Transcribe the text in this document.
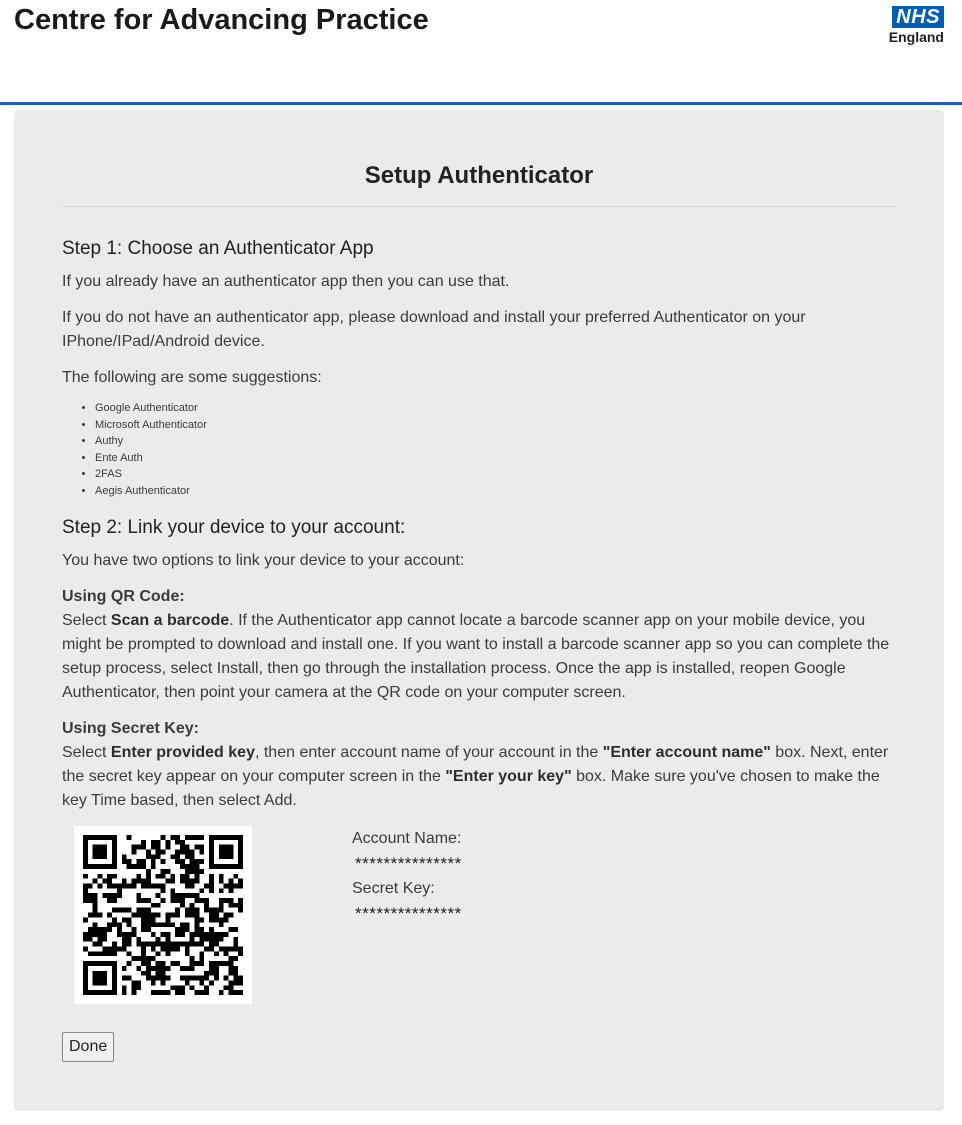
Centre for Advancing Practice	NHS
England
Setup Authenticator
Step 1: Choose an Authenticator App

If you already have an authenticator app then you can use that.

If you do not have an authenticator app, please download and install your preferred Authenticator on your IPhone/IPad/Android device.

The following are some suggestions:

• Google Authenticator
• Microsoft Authenticator
• Authy
• Ente Auth
• 2FAS
• Aegis Authenticator
Step 2: Link your device to your account:

You have two options to link your device to your account:

Using QR Code:
Select Scan a barcode. If the Authenticator app cannot locate a barcode scanner app on your mobile device, you might be prompted to download and install one. If you want to install a barcode scanner app so you can complete the setup process, select Install, then go through the installation process. Once the app is installed, reopen Google Authenticator, then point your camera at the QR code on your computer screen.

Using Secret Key:
Select Enter provided key, then enter account name of your account in the "Enter account name" box. Next, enter the secret key appear on your computer screen in the "Enter your key" box. Make sure you've chosen to make the key Time based, then select Add.

Account Name:
***************
Secret Key:
***************
Done
